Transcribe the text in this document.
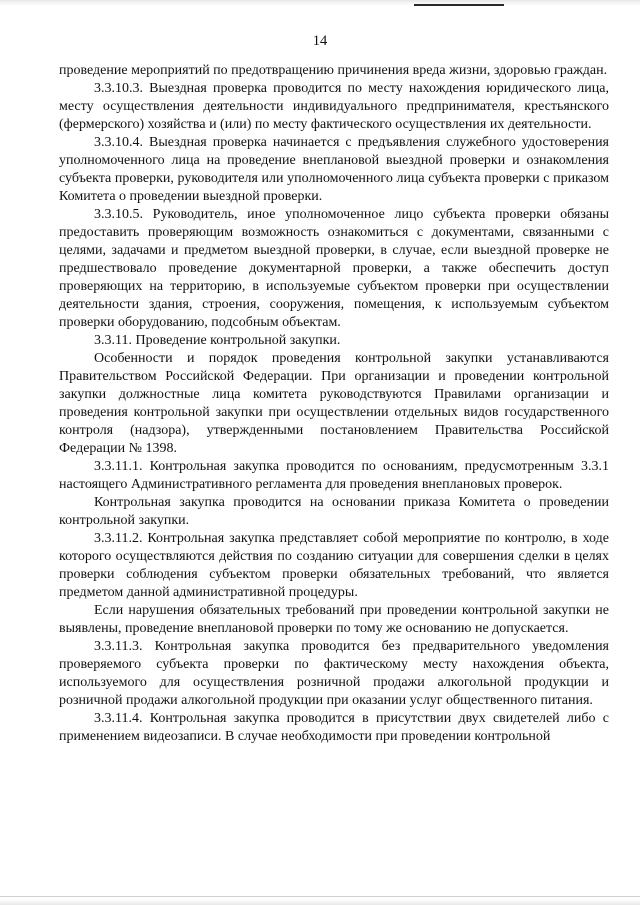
14

проведение мероприятий по предотвращению причинения вреда жизни, здоровью граждан.

3.3.10.3. Выездная проверка проводится по месту нахождения юридического лица, месту осуществления деятельности индивидуального предпринимателя, крестьянского (фермерского) хозяйства и (или) по месту фактического осуществления их деятельности.

3.3.10.4. Выездная проверка начинается с предъявления служебного удостоверения уполномоченного лица на проведение внеплановой выездной проверки и ознакомления субъекта проверки, руководителя или уполномоченного лица субъекта проверки с приказом Комитета о проведении выездной проверки.

3.3.10.5. Руководитель, иное уполномоченное лицо субъекта проверки обязаны предоставить проверяющим возможность ознакомиться с документами, связанными с целями, задачами и предметом выездной проверки, в случае, если выездной проверке не предшествовало проведение документарной проверки, а также обеспечить доступ проверяющих на территорию, в используемые субъектом проверки при осуществлении деятельности здания, строения, сооружения, помещения, к используемым субъектом проверки оборудованию, подсобным объектам.

3.3.11. Проведение контрольной закупки.

Особенности и порядок проведения контрольной закупки устанавливаются Правительством Российской Федерации. При организации и проведении контрольной закупки должностные лица комитета руководствуются Правилами организации и проведения контрольной закупки при осуществлении отдельных видов государственного контроля (надзора), утвержденными постановлением Правительства Российской Федерации № 1398.

3.3.11.1. Контрольная закупка проводится по основаниям, предусмотренным 3.3.1 настоящего Административного регламента для проведения внеплановых проверок.

Контрольная закупка проводится на основании приказа Комитета о проведении контрольной закупки.

3.3.11.2. Контрольная закупка представляет собой мероприятие по контролю, в ходе которого осуществляются действия по созданию ситуации для совершения сделки в целях проверки соблюдения субъектом проверки обязательных требований, что является предметом данной административной процедуры.

Если нарушения обязательных требований при проведении контрольной закупки не выявлены, проведение внеплановой проверки по тому же основанию не допускается.

3.3.11.3. Контрольная закупка проводится без предварительного уведомления проверяемого субъекта проверки по фактическому месту нахождения объекта, используемого для осуществления розничной продажи алкогольной продукции и розничной продажи алкогольной продукции при оказании услуг общественного питания.

3.3.11.4. Контрольная закупка проводится в присутствии двух свидетелей либо с применением видеозаписи. В случае необходимости при проведении контрольной
